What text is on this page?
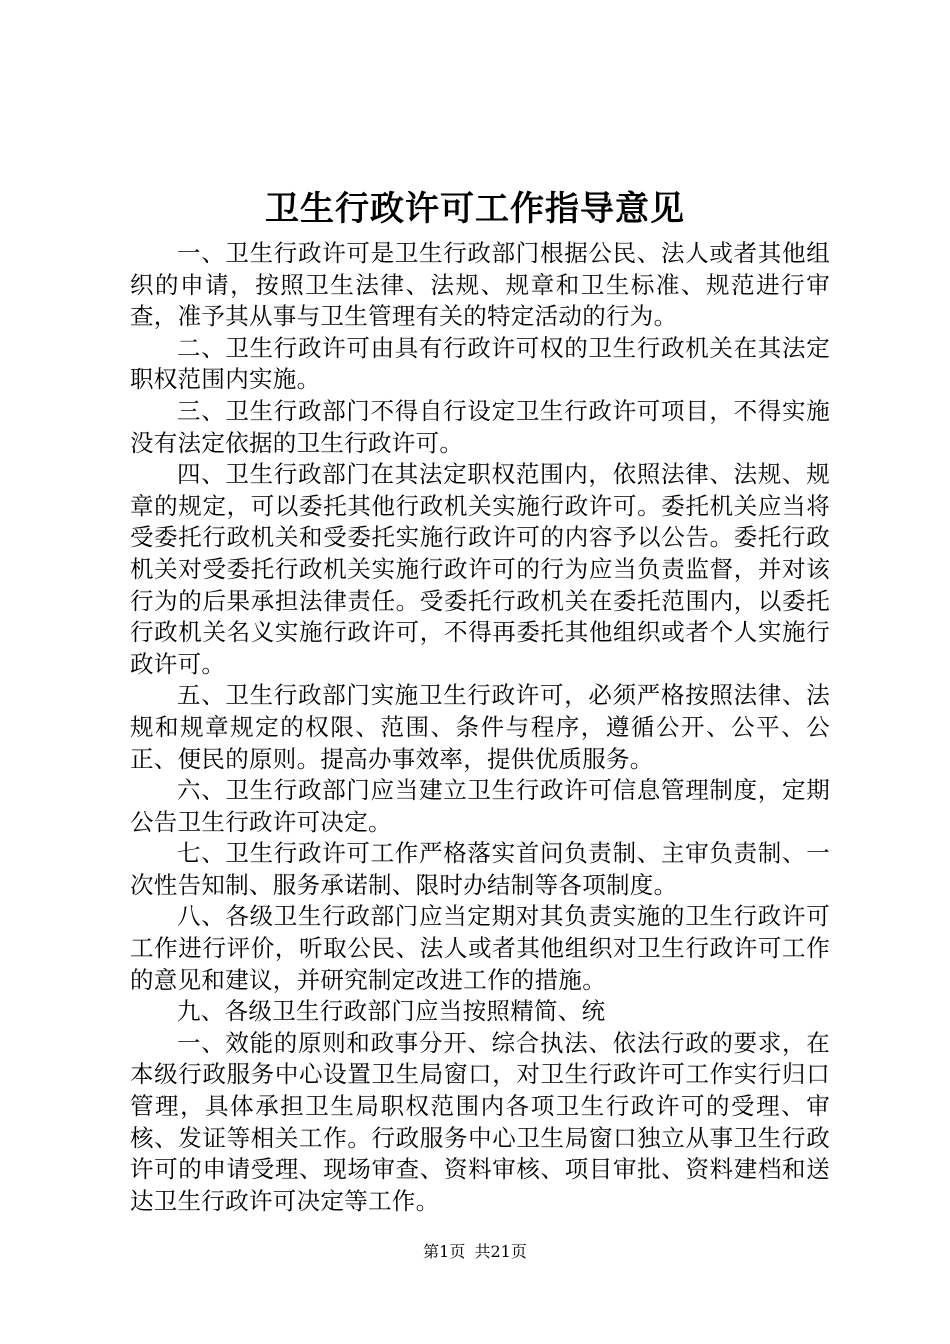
卫生行政许可工作指导意见

一、卫生行政许可是卫生行政部门根据公民、法人或者其他组织的申请，按照卫生法律、法规、规章和卫生标准、规范进行审查，准予其从事与卫生管理有关的特定活动的行为。

二、卫生行政许可由具有行政许可权的卫生行政机关在其法定职权范围内实施。

三、卫生行政部门不得自行设定卫生行政许可项目，不得实施没有法定依据的卫生行政许可。

四、卫生行政部门在其法定职权范围内，依照法律、法规、规章的规定，可以委托其他行政机关实施行政许可。委托机关应当将受委托行政机关和受委托实施行政许可的内容予以公告。委托行政机关对受委托行政机关实施行政许可的行为应当负责监督，并对该行为的后果承担法律责任。受委托行政机关在委托范围内，以委托行政机关名义实施行政许可，不得再委托其他组织或者个人实施行政许可。

五、卫生行政部门实施卫生行政许可，必须严格按照法律、法规和规章规定的权限、范围、条件与程序，遵循公开、公平、公正、便民的原则。提高办事效率，提供优质服务。

六、卫生行政部门应当建立卫生行政许可信息管理制度，定期公告卫生行政许可决定。

七、卫生行政许可工作严格落实首问负责制、主审负责制、一次性告知制、服务承诺制、限时办结制等各项制度。

八、各级卫生行政部门应当定期对其负责实施的卫生行政许可工作进行评价，听取公民、法人或者其他组织对卫生行政许可工作的意见和建议，并研究制定改进工作的措施。

九、各级卫生行政部门应当按照精简、统

一、效能的原则和政事分开、综合执法、依法行政的要求，在本级行政服务中心设置卫生局窗口，对卫生行政许可工作实行归口管理，具体承担卫生局职权范围内各项卫生行政许可的受理、审核、发证等相关工作。行政服务中心卫生局窗口独立从事卫生行政许可的申请受理、现场审查、资料审核、项目审批、资料建档和送达卫生行政许可决定等工作。

第1页 共21页
